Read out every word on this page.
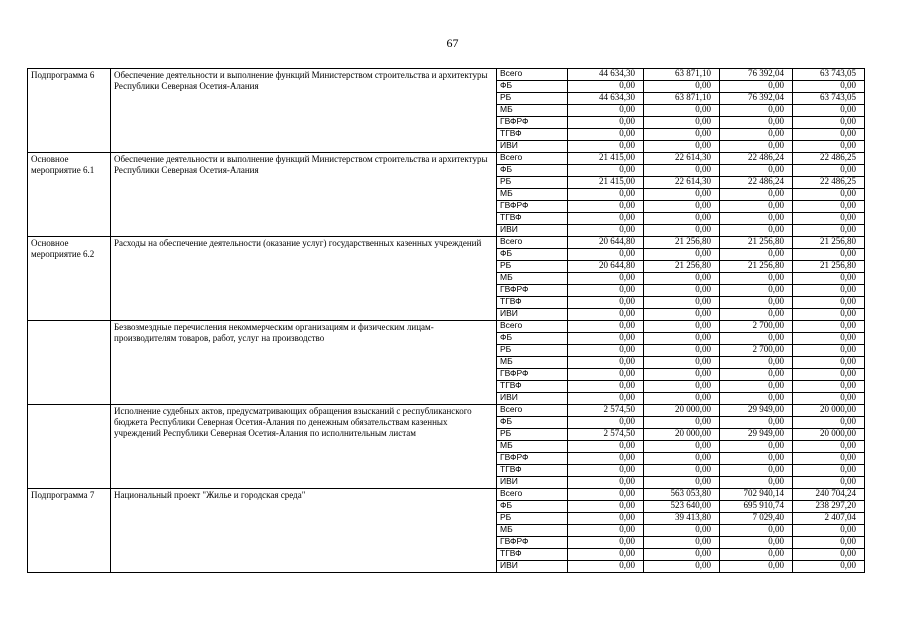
67
Подпрограмма 6	Обеспечение деятельности и выполнение функций Министерством строительства и архитектуры Республики Северная Осетия-Алания	Всего	44 634,30	63 871,10	76 392,04	63 743,05
		ФБ	0,00	0,00	0,00	0,00
		РБ	44 634,30	63 871,10	76 392,04	63 743,05
		МБ	0,00	0,00	0,00	0,00
		ГВФРФ	0,00	0,00	0,00	0,00
		ТГВФ	0,00	0,00	0,00	0,00
		ИВИ	0,00	0,00	0,00	0,00
Основное мероприятие 6.1	Обеспечение деятельности и выполнение функций Министерством строительства и архитектуры Республики Северная Осетия-Алания	Всего	21 415,00	22 614,30	22 486,24	22 486,25
		ФБ	0,00	0,00	0,00	0,00
		РБ	21 415,00	22 614,30	22 486,24	22 486,25
		МБ	0,00	0,00	0,00	0,00
		ГВФРФ	0,00	0,00	0,00	0,00
		ТГВФ	0,00	0,00	0,00	0,00
		ИВИ	0,00	0,00	0,00	0,00
Основное мероприятие 6.2	Расходы на обеспечение деятельности (оказание услуг) государственных казенных учреждений	Всего	20 644,80	21 256,80	21 256,80	21 256,80
		ФБ	0,00	0,00	0,00	0,00
		РБ	20 644,80	21 256,80	21 256,80	21 256,80
		МБ	0,00	0,00	0,00	0,00
		ГВФРФ	0,00	0,00	0,00	0,00
		ТГВФ	0,00	0,00	0,00	0,00
		ИВИ	0,00	0,00	0,00	0,00
	Безвозмездные перечисления некоммерческим организациям и физическим лицам-производителям товаров, работ, услуг на производство	Всего	0,00	0,00	2 700,00	0,00
		ФБ	0,00	0,00	0,00	0,00
		РБ	0,00	0,00	2 700,00	0,00
		МБ	0,00	0,00	0,00	0,00
		ГВФРФ	0,00	0,00	0,00	0,00
		ТГВФ	0,00	0,00	0,00	0,00
		ИВИ	0,00	0,00	0,00	0,00
	Исполнение судебных актов, предусматривающих обращения взысканий с республиканского бюджета Республики Северная Осетия-Алания по денежным обязательствам казенных учреждений Республики Северная Осетия-Алания по исполнительным листам	Всего	2 574,50	20 000,00	29 949,00	20 000,00
		ФБ	0,00	0,00	0,00	0,00
		РБ	2 574,50	20 000,00	29 949,00	20 000,00
		МБ	0,00	0,00	0,00	0,00
		ГВФРФ	0,00	0,00	0,00	0,00
		ТГВФ	0,00	0,00	0,00	0,00
		ИВИ	0,00	0,00	0,00	0,00
Подпрограмма 7	Национальный проект "Жилье и городская среда"	Всего	0,00	563 053,80	702 940,14	240 704,24
		ФБ	0,00	523 640,00	695 910,74	238 297,20
		РБ	0,00	39 413,80	7 029,40	2 407,04
		МБ	0,00	0,00	0,00	0,00
		ГВФРФ	0,00	0,00	0,00	0,00
		ТГВФ	0,00	0,00	0,00	0,00
		ИВИ	0,00	0,00	0,00	0,00
